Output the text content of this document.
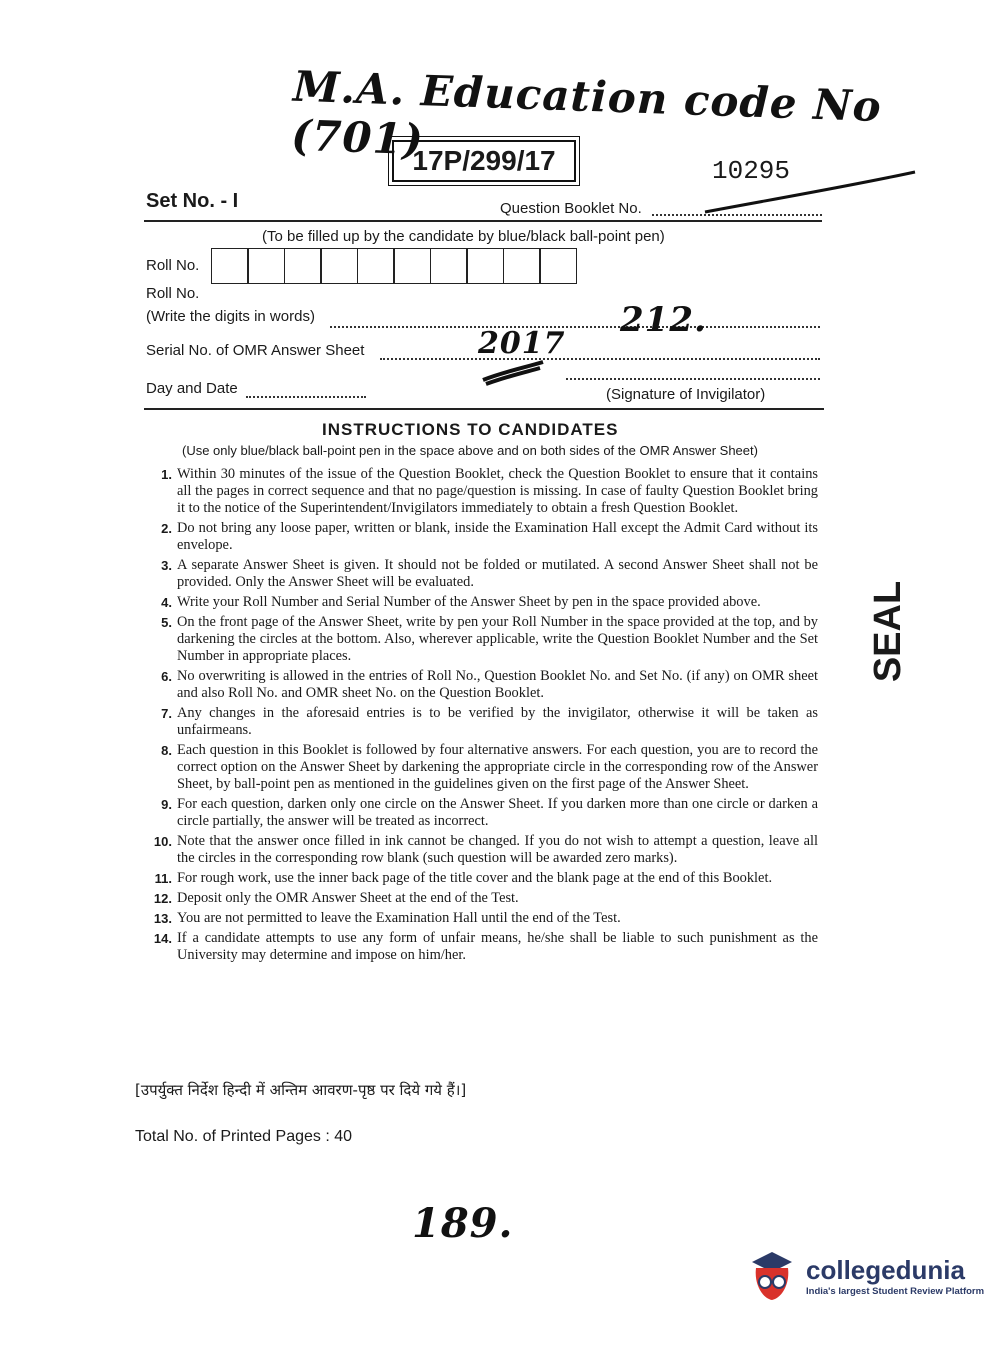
M.A. Education code No (701)
17P/299/17	10295
Set No. - I	Question Booklet No.
(To be filled up by the candidate by blue/black ball-point pen)
Roll No.
Roll No.
(Write the digits in words)	212.
Serial No. of OMR Answer Sheet	2017
Day and Date	(Signature of Invigilator)
INSTRUCTIONS TO CANDIDATES
(Use only blue/black ball-point pen in the space above and on both sides of the OMR Answer Sheet)
1. Within 30 minutes of the issue of the Question Booklet, check the Question Booklet to ensure that it contains all the pages in correct sequence and that no page/question is missing. In case of faulty Question Booklet bring it to the notice of the Superintendent/Invigilators immediately to obtain a fresh Question Booklet.
2. Do not bring any loose paper, written or blank, inside the Examination Hall except the Admit Card without its envelope.
3. A separate Answer Sheet is given. It should not be folded or mutilated. A second Answer Sheet shall not be provided. Only the Answer Sheet will be evaluated.
4. Write your Roll Number and Serial Number of the Answer Sheet by pen in the space provided above.
5. On the front page of the Answer Sheet, write by pen your Roll Number in the space provided at the top, and by darkening the circles at the bottom. Also, wherever applicable, write the Question Booklet Number and the Set Number in appropriate places.
6. No overwriting is allowed in the entries of Roll No., Question Booklet No. and Set No. (if any) on OMR sheet and also Roll No. and OMR sheet No. on the Question Booklet.
7. Any changes in the aforesaid entries is to be verified by the invigilator, otherwise it will be taken as unfairmeans.
8. Each question in this Booklet is followed by four alternative answers. For each question, you are to record the correct option on the Answer Sheet by darkening the appropriate circle in the corresponding row of the Answer Sheet, by ball-point pen as mentioned in the guidelines given on the first page of the Answer Sheet.
9. For each question, darken only one circle on the Answer Sheet. If you darken more than one circle or darken a circle partially, the answer will be treated as incorrect.
10. Note that the answer once filled in ink cannot be changed. If you do not wish to attempt a question, leave all the circles in the corresponding row blank (such question will be awarded zero marks).
11. For rough work, use the inner back page of the title cover and the blank page at the end of this Booklet.
12. Deposit only the OMR Answer Sheet at the end of the Test.
13. You are not permitted to leave the Examination Hall until the end of the Test.
14. If a candidate attempts to use any form of unfair means, he/she shall be liable to such punishment as the University may determine and impose on him/her.
[उपर्युक्त निर्देश हिन्दी में अन्तिम आवरण-पृष्ठ पर दिये गये हैं।]
Total No. of Printed Pages : 40
SEAL
189.
collegedunia
India's largest Student Review Platform
